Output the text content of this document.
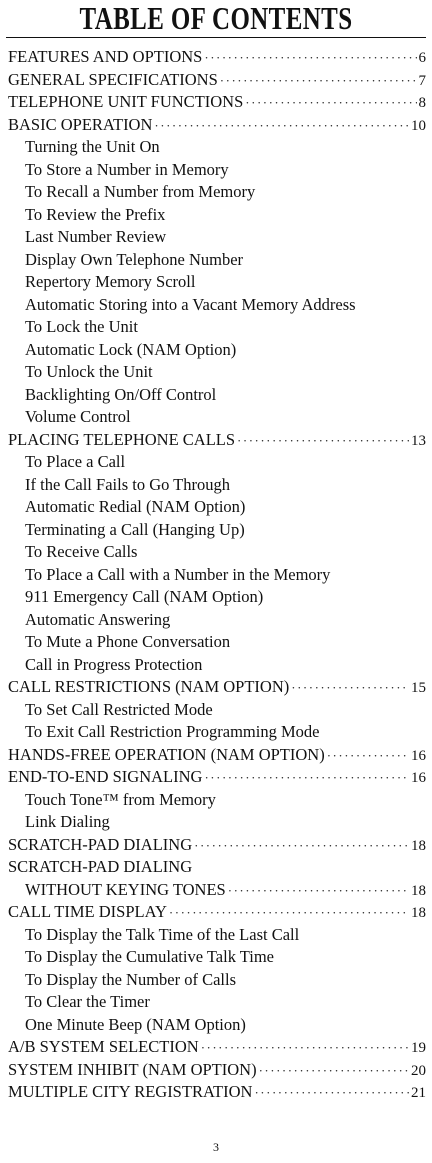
TABLE OF CONTENTS
FEATURES AND OPTIONS ·····	6
GENERAL SPECIFICATIONS ·····	7
TELEPHONE UNIT FUNCTIONS ·····	8
BASIC OPERATION ·····	10
Turning the Unit On
To Store a Number in Memory
To Recall a Number from Memory
To Review the Prefix
Last Number Review
Display Own Telephone Number
Repertory Memory Scroll
Automatic Storing into a Vacant Memory Address
To Lock the Unit
Automatic Lock (NAM Option)
To Unlock the Unit
Backlighting On/Off Control
Volume Control
PLACING TELEPHONE CALLS ·····	13
To Place a Call
If the Call Fails to Go Through
Automatic Redial (NAM Option)
Terminating a Call (Hanging Up)
To Receive Calls
To Place a Call with a Number in the Memory
911 Emergency Call (NAM Option)
Automatic Answering
To Mute a Phone Conversation
Call in Progress Protection
CALL RESTRICTIONS (NAM OPTION) ·····	15
To Set Call Restricted Mode
To Exit Call Restriction Programming Mode
HANDS-FREE OPERATION (NAM OPTION) ·····	16
END-TO-END SIGNALING ·····	16
Touch Tone™ from Memory
Link Dialing
SCRATCH-PAD DIALING ·····	18
SCRATCH-PAD DIALING
WITHOUT KEYING TONES ·····	18
CALL TIME DISPLAY ·····	18
To Display the Talk Time of the Last Call
To Display the Cumulative Talk Time
To Display the Number of Calls
To Clear the Timer
One Minute Beep (NAM Option)
A/B SYSTEM SELECTION ·····	19
SYSTEM INHIBIT (NAM OPTION) ·····	20
MULTIPLE CITY REGISTRATION ·····	21
3
